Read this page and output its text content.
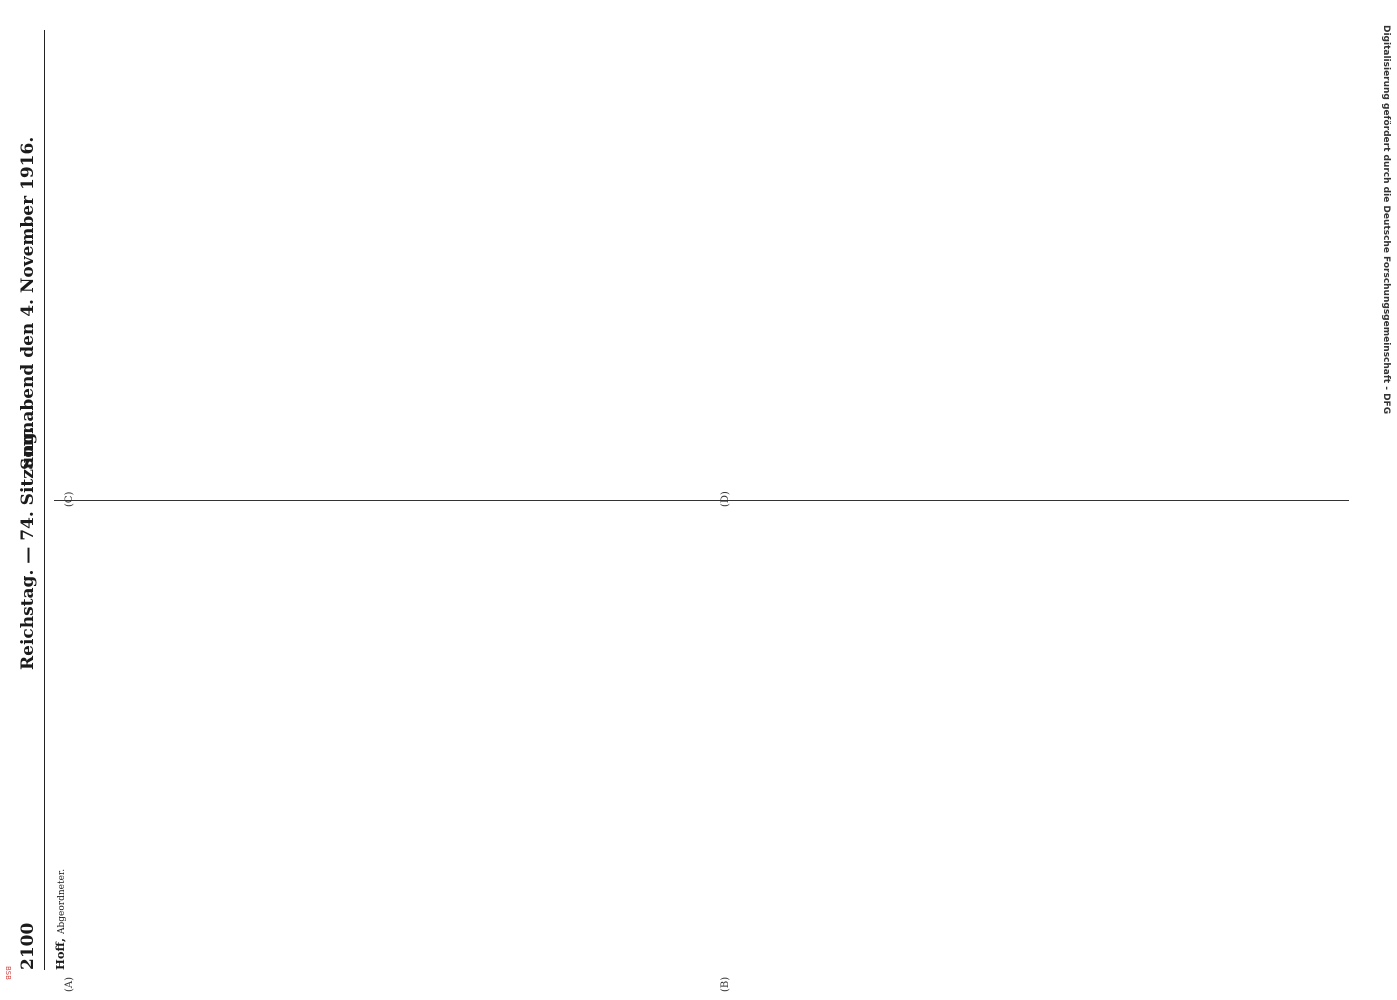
2100
Reichstag. — 74. Sitzung.
Sonnabend den 4. November 1916.
(A)	(B)
Hoff, Abgeordneter.

Digitalisierung gefördert durch die Deutsche Forschungsgemeinschaft - DFG
BSB
